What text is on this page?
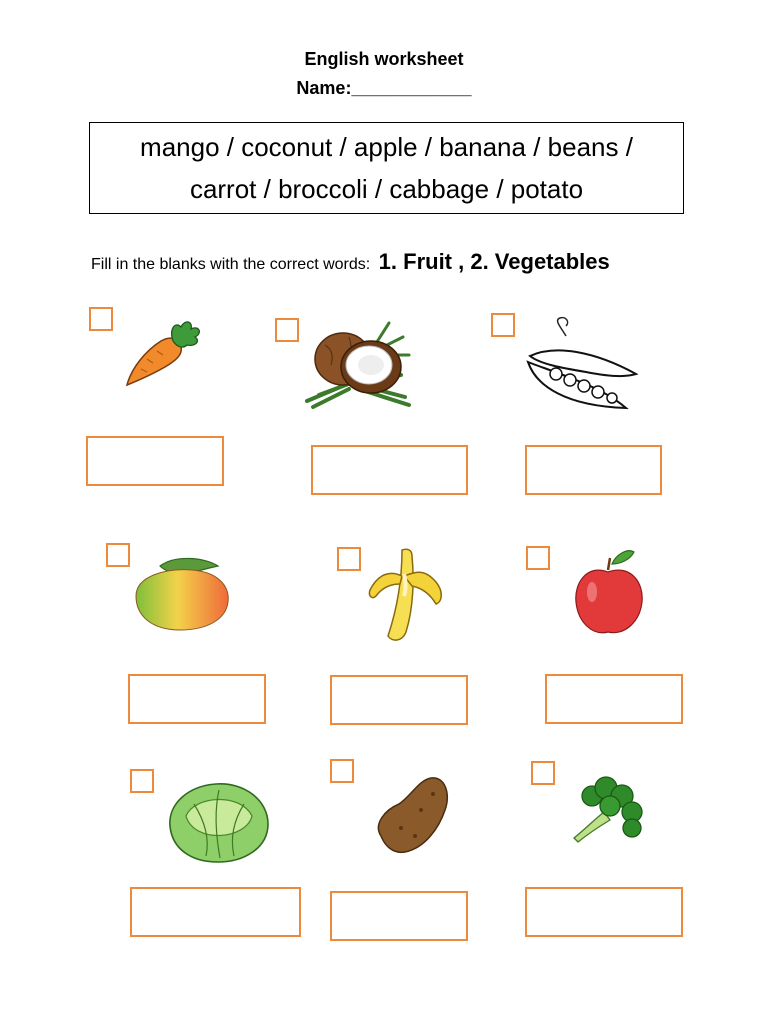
English worksheet
Name:____________
mango / coconut / apple / banana / beans /
carrot / broccoli / cabbage / potato
Fill in the blanks with the correct words: 1. Fruit , 2. Vegetables
